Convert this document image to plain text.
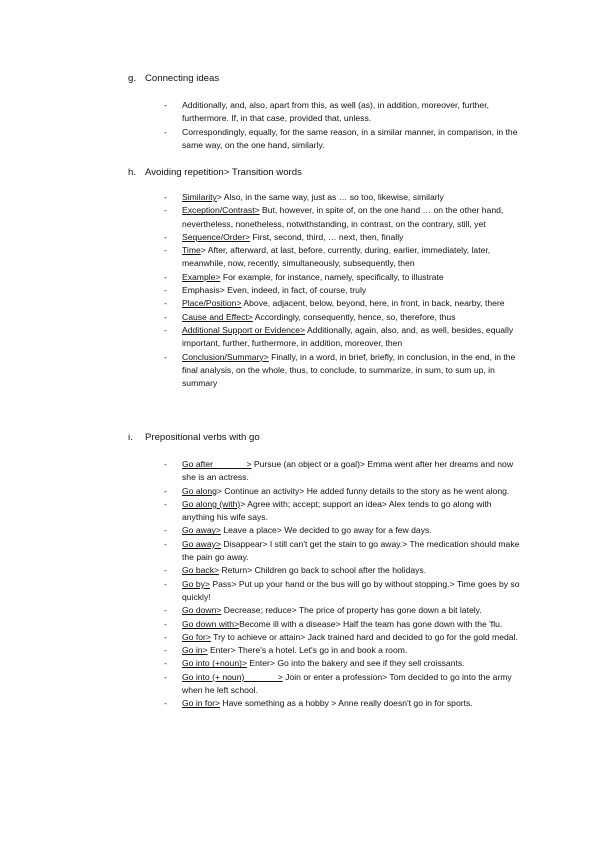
g. Connecting ideas
- Additionally, and, also, apart from this, as well (as), in addition, moreover, further, furthermore. If, in that case, provided that, unless.
- Correspondingly, equally, for the same reason, in a similar manner, in comparison, in the same way, on the one hand, similarly.
h. Avoiding repetition> Transition words
- Similarity> Also, in the same way, just as … so too, likewise, similarly
- Exception/Contrast> But, however, in spite of, on the one hand … on the other hand, nevertheless, nonetheless, notwithstanding, in contrast, on the contrary, still, yet
- Sequence/Order> First, second, third, … next, then, finally
- Time> After, afterward, at last, before, currently, during, earlier, immediately, later, meanwhile, now, recently, simultaneously, subsequently, then
- Example> For example, for instance, namely, specifically, to illustrate
- Emphasis> Even, indeed, in fact, of course, truly
- Place/Position> Above, adjacent, below, beyond, here, in front, in back, nearby, there
- Cause and Effect> Accordingly, consequently, hence, so, therefore, thus
- Additional Support or Evidence> Additionally, again, also, and, as well, besides, equally important, further, furthermore, in addition, moreover, then
- Conclusion/Summary> Finally, in a word, in brief, briefly, in conclusion, in the end, in the final analysis, on the whole, thus, to conclude, to summarize, in sum, to sum up, in summary
i. Prepositional verbs with go
- Go after              > Pursue (an object or a goal)> Emma went after her dreams and now she is an actress.
- Go along> Continue an activity> He added funny details to the story as he went along.
- Go along (with)> Agree with; accept; support an idea> Alex tends to go along with anything his wife says.
- Go away> Leave a place> We decided to go away for a few days.
- Go away> Disappear> I still can't get the stain to go away.> The medication should make the pain go away.
- Go back> Return> Children go back to school after the holidays.
- Go by> Pass> Put up your hand or the bus will go by without stopping.> Time goes by so quickly!
- Go down> Decrease; reduce> The price of property has gone down a bit lately.
- Go down with>Become ill with a disease> Half the team has gone down with the 'flu.
- Go for> Try to achieve or attain> Jack trained hard and decided to go for the gold medal.
- Go in> Enter> There's a hotel. Let's go in and book a room.
- Go into (+noun)> Enter> Go into the bakery and see if they sell croissants.
- Go into (+ noun)              > Join or enter a profession> Tom decided to go into the army when he left school.
- Go in for> Have something as a hobby > Anne really doesn't go in for sports.
